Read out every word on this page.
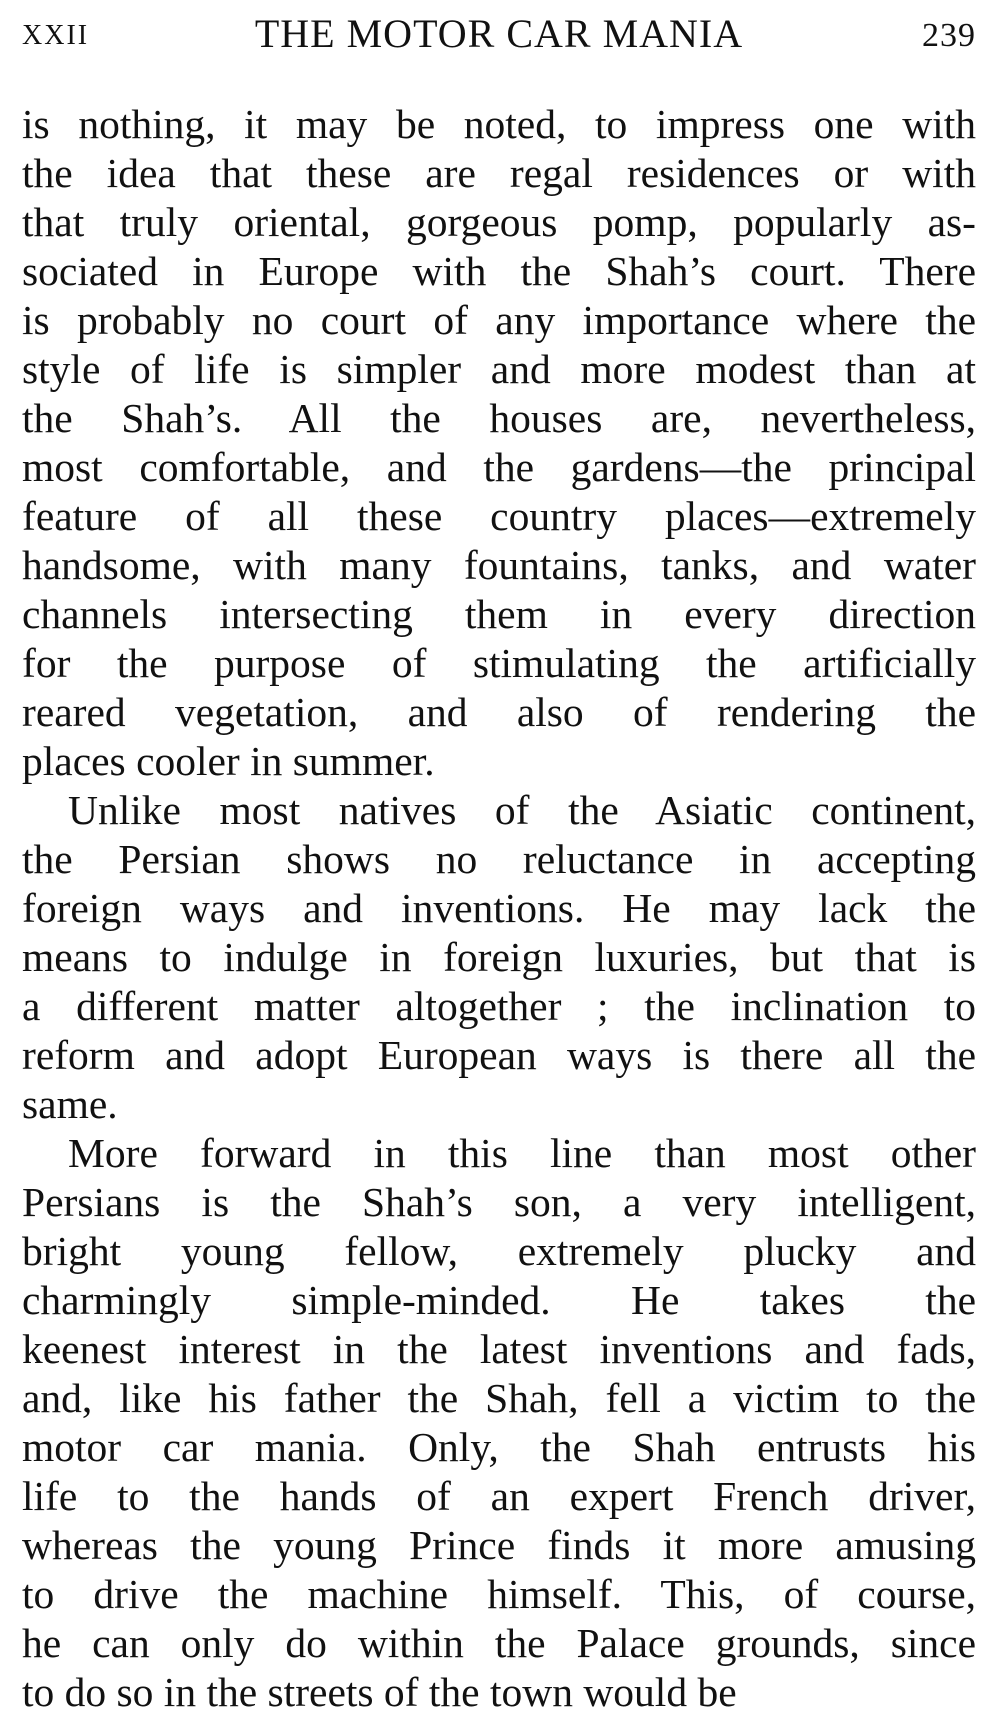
XXII	THE MOTOR CAR MANIA	239
is nothing, it may be noted, to impress one with
the idea that these are regal residences or with
that truly oriental, gorgeous pomp, popularly as-
sociated in Europe with the Shah’s court. There
is probably no court of any importance where the
style of life is simpler and more modest than at
the Shah’s. All the houses are, nevertheless,
most comfortable, and the gardens—the principal
feature of all these country places—extremely
handsome, with many fountains, tanks, and water
channels intersecting them in every direction
for the purpose of stimulating the artificially
reared vegetation, and also of rendering the
places cooler in summer.
Unlike most natives of the Asiatic continent,
the Persian shows no reluctance in accepting
foreign ways and inventions. He may lack the
means to indulge in foreign luxuries, but that is
a different matter altogether ; the inclination to
reform and adopt European ways is there all the
same.
More forward in this line than most other
Persians is the Shah’s son, a very intelligent,
bright young fellow, extremely plucky and
charmingly simple-minded. He takes the
keenest interest in the latest inventions and fads,
and, like his father the Shah, fell a victim to the
motor car mania. Only, the Shah entrusts his
life to the hands of an expert French driver,
whereas the young Prince finds it more amusing
to drive the machine himself. This, of course,
he can only do within the Palace grounds, since
to do so in the streets of the town would be
